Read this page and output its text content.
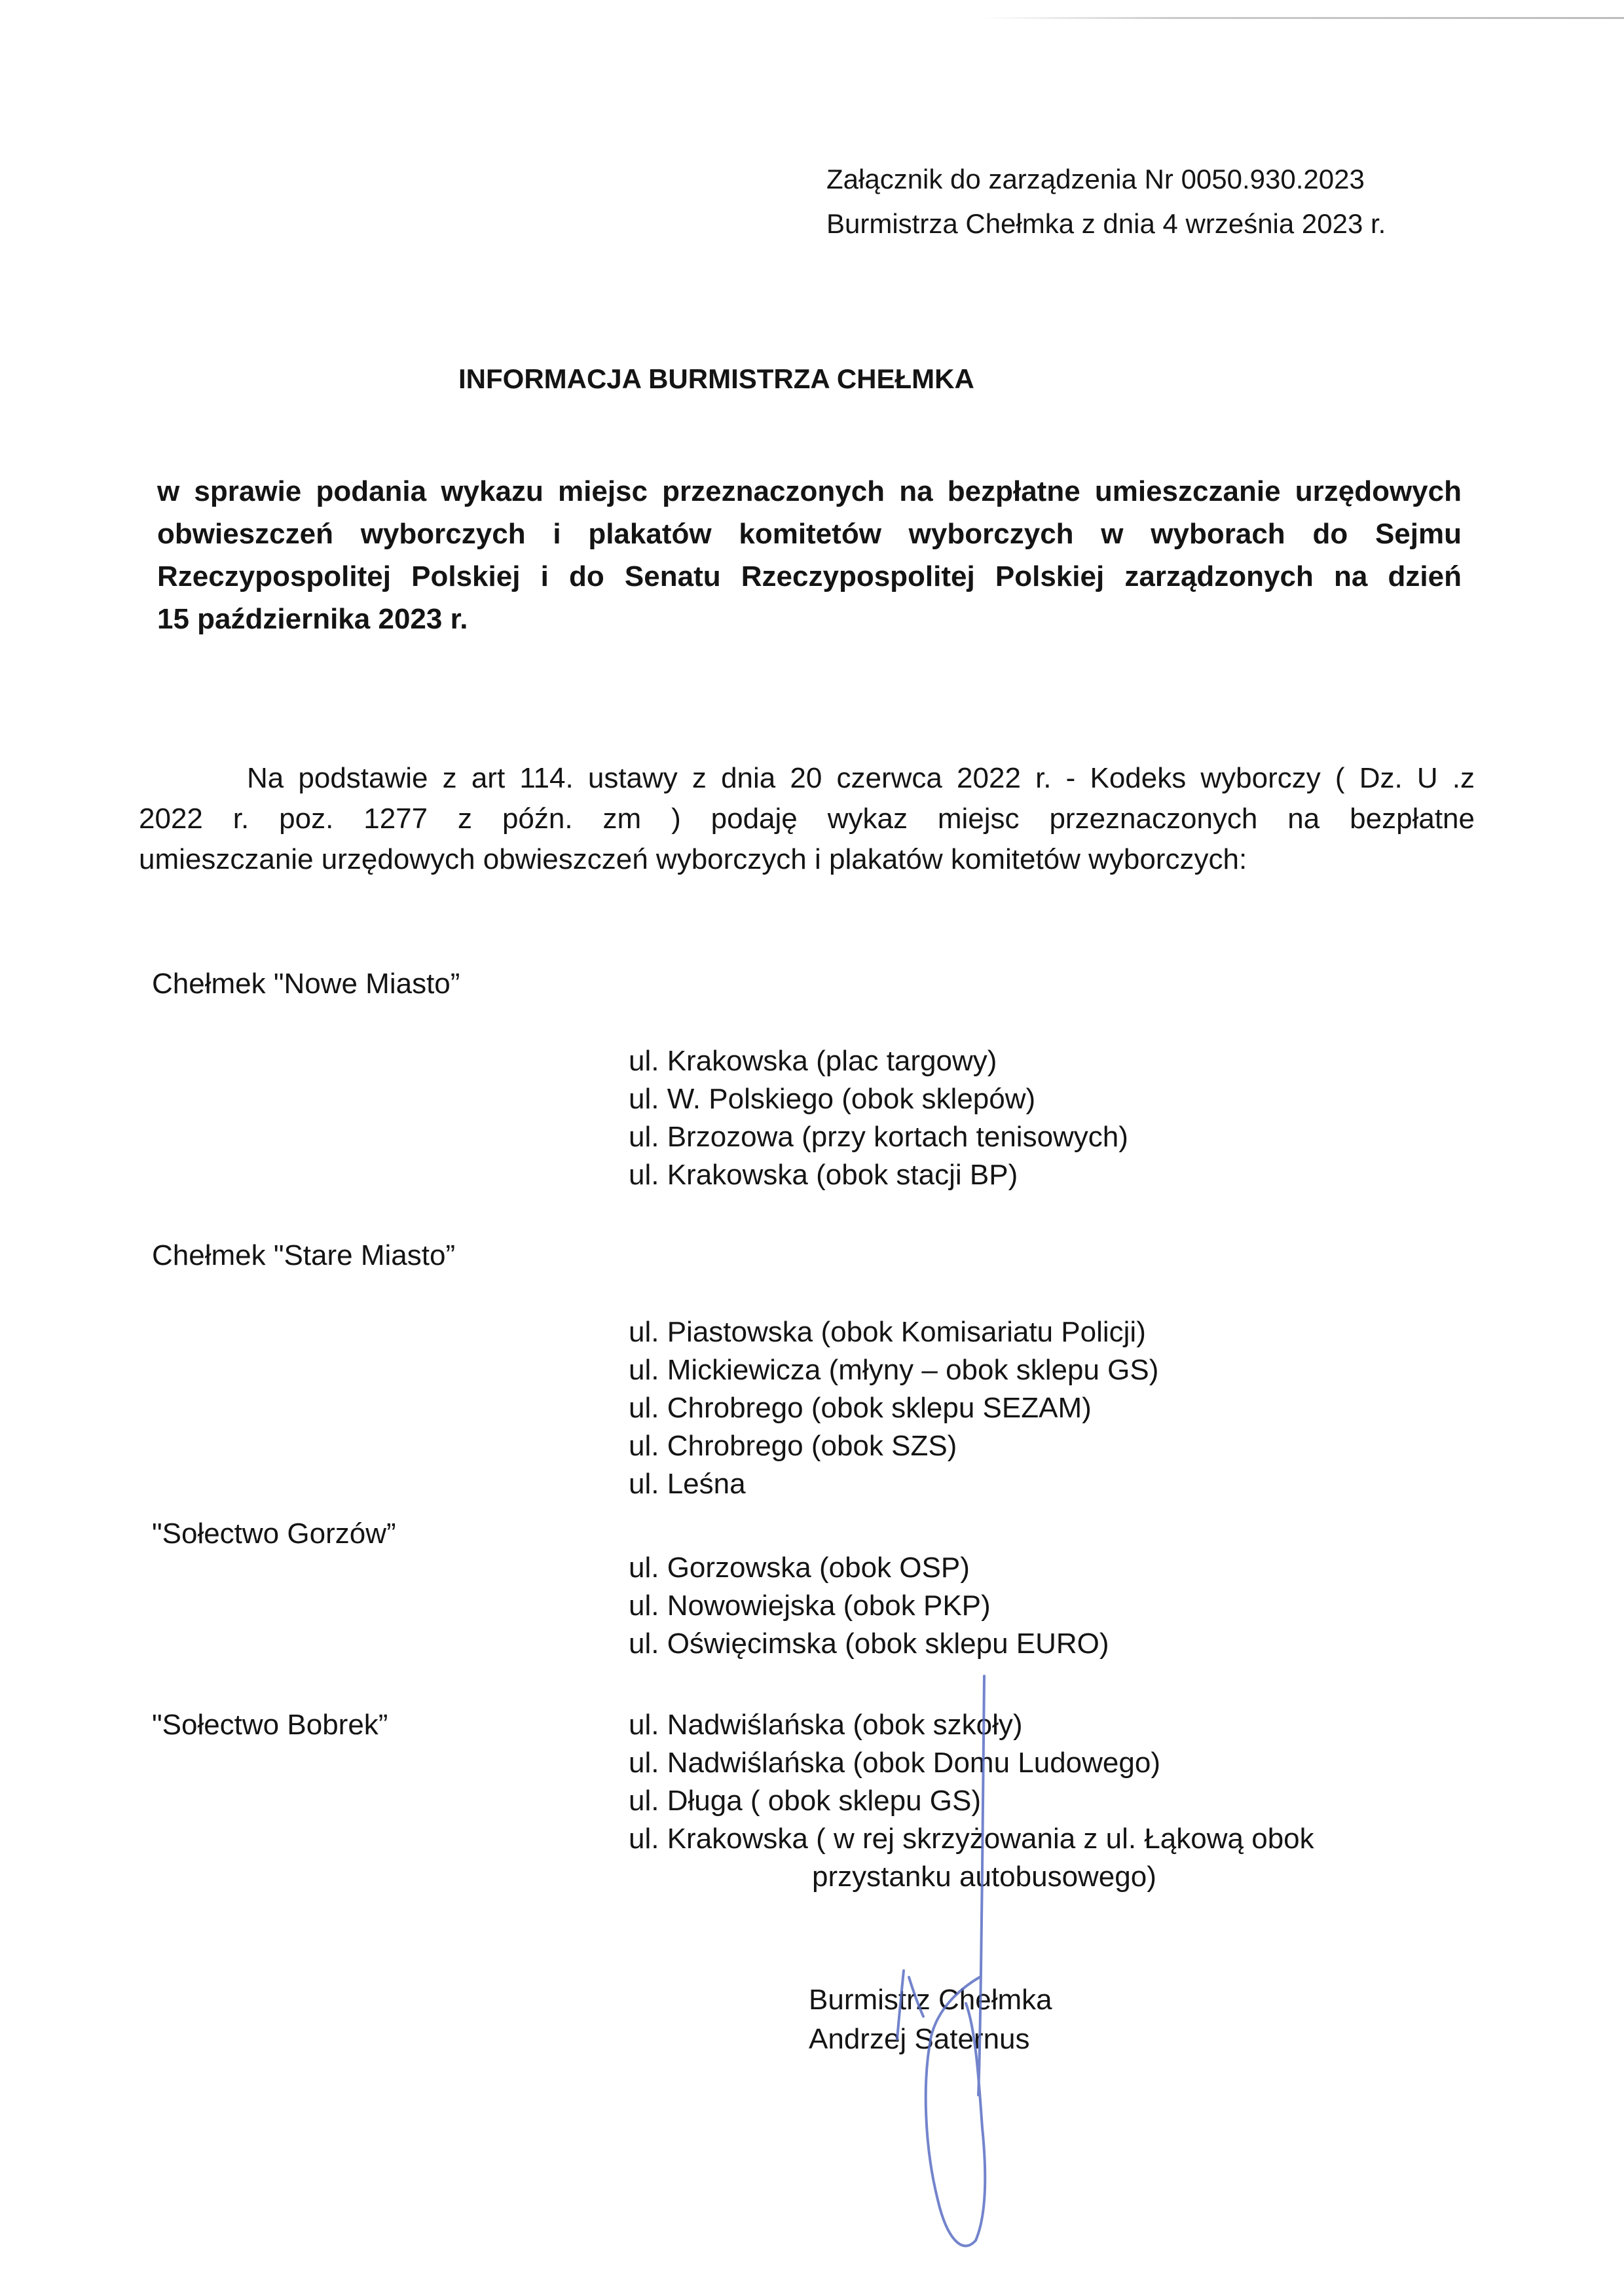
Załącznik do zarządzenia Nr 0050.930.2023
Burmistrza Chełmka z dnia 4 września 2023 r.
INFORMACJA BURMISTRZA CHEŁMKA
w sprawie podania wykazu miejsc przeznaczonych na bezpłatne umieszczanie urzędowych
obwieszczeń wyborczych i plakatów komitetów wyborczych w wyborach do Sejmu
Rzeczypospolitej Polskiej i do Senatu Rzeczypospolitej Polskiej zarządzonych na dzień
15 października 2023 r.
Na podstawie z art 114. ustawy z dnia 20 czerwca 2022 r. - Kodeks wyborczy ( Dz. U .z
2022 r. poz. 1277 z późn. zm ) podaję wykaz miejsc przeznaczonych na bezpłatne
umieszczanie urzędowych obwieszczeń wyborczych i plakatów komitetów wyborczych:
Chełmek "Nowe Miasto”
ul. Krakowska (plac targowy)
ul. W. Polskiego (obok sklepów)
ul. Brzozowa (przy kortach tenisowych)
ul. Krakowska (obok stacji BP)
Chełmek "Stare Miasto”
ul. Piastowska (obok Komisariatu Policji)
ul. Mickiewicza (młyny – obok sklepu GS)
ul. Chrobrego (obok sklepu SEZAM)
ul. Chrobrego (obok SZS)
ul. Leśna
"Sołectwo Gorzów”
ul. Gorzowska (obok OSP)
ul. Nowowiejska (obok PKP)
ul. Oświęcimska (obok sklepu EURO)
"Sołectwo Bobrek”	ul. Nadwiślańska (obok szkoły)
ul. Nadwiślańska (obok Domu Ludowego)
ul. Długa ( obok sklepu GS)
ul. Krakowska ( w rej skrzyżowania z ul. Łąkową obok
przystanku autobusowego)
Burmistrz Chełmka
Andrzej Saternus
